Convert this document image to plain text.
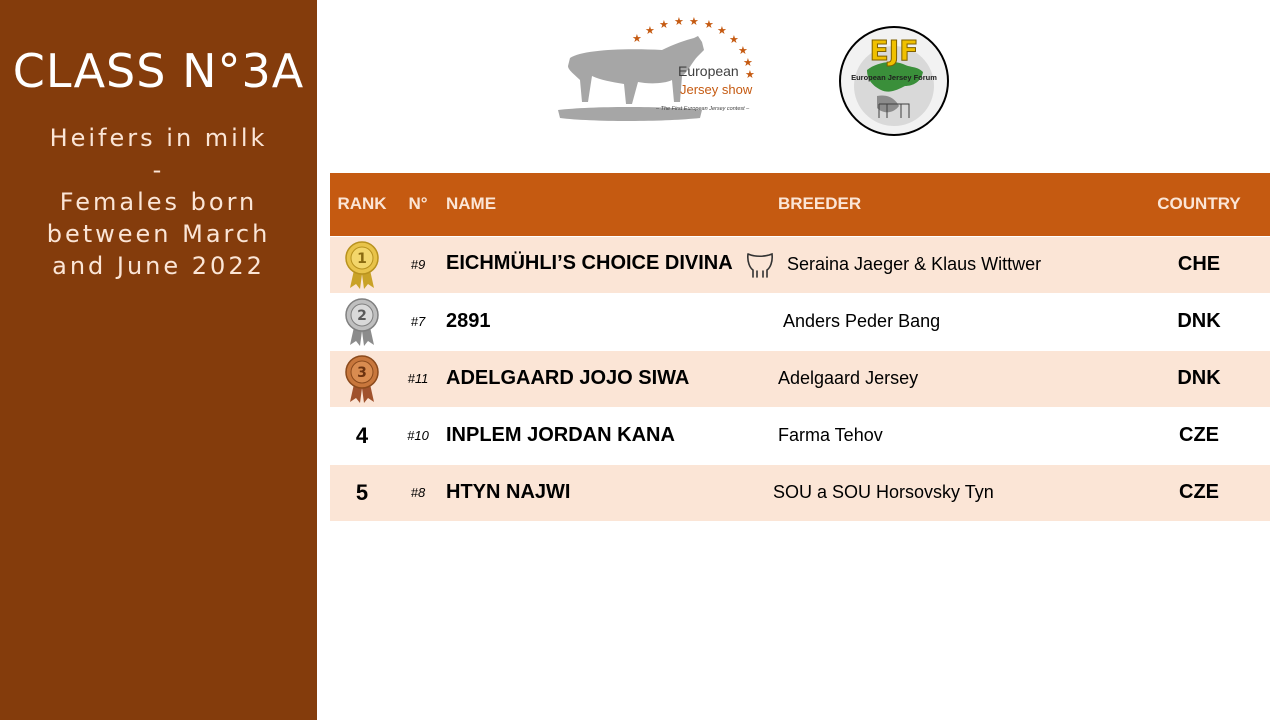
CLASS N°3A
Heifers in milk
-
Females born
between March
and June 2022
★
★ ★ ★ ★ ★ ★
★
★
★
★
European
Jersey show
– The First European Jersey contest –
EJF
European Jersey Forum
RANK	N°	NAME	BREEDER	COUNTRY

1	#9	EICHMÜHLI’S CHOICE DIVINA	Seraina Jaeger & Klaus Wittwer	CHE

2	#7	2891	Anders Peder Bang	DNK

3	#11	ADELGAARD JOJO SIWA	Adelgaard Jersey	DNK
4	#10	INPLEM JORDAN KANA	Farma Tehov	CZE
5	#8	HTYN NAJWI	SOU a SOU Horsovsky Tyn	CZE
